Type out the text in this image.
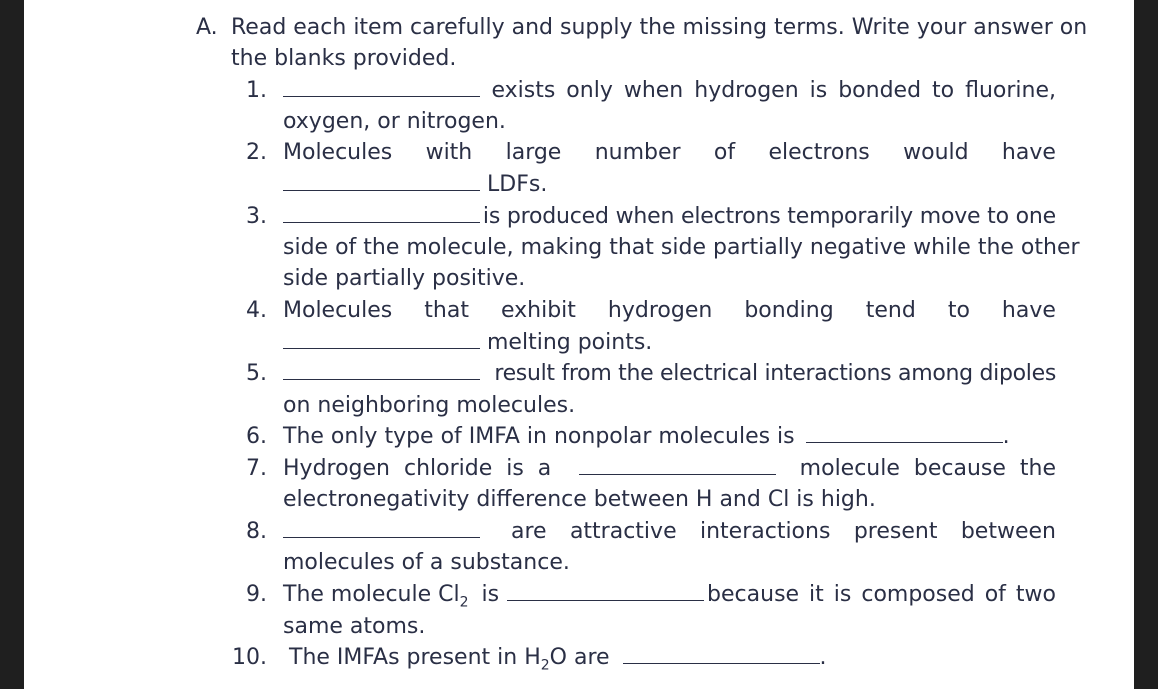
A. Read each item carefully and supply the missing terms. Write your answer on
the blanks provided.
1.	exists only when hydrogen is bonded to fluorine,
oxygen, or nitrogen.
2. Molecules with large number of electrons would have
LDFs.
3.	is produced when electrons temporarily move to one
side of the molecule, making that side partially negative while the other
side partially positive.
4. Molecules that exhibit hydrogen bonding tend to have
melting points.
5.	result from the electrical interactions among dipoles
on neighboring molecules.
6. The only type of IMFA in nonpolar molecules is	.
7. Hydrogen  chloride  is  a	molecule  because  the
electronegativity difference between H and Cl is high.
8.	are attractive interactions present between
molecules of a substance.
9. The molecule $Cl_2$ is	because it is composed of two
same atoms.
10. The IMFAs present in $H_2O$ are	.
